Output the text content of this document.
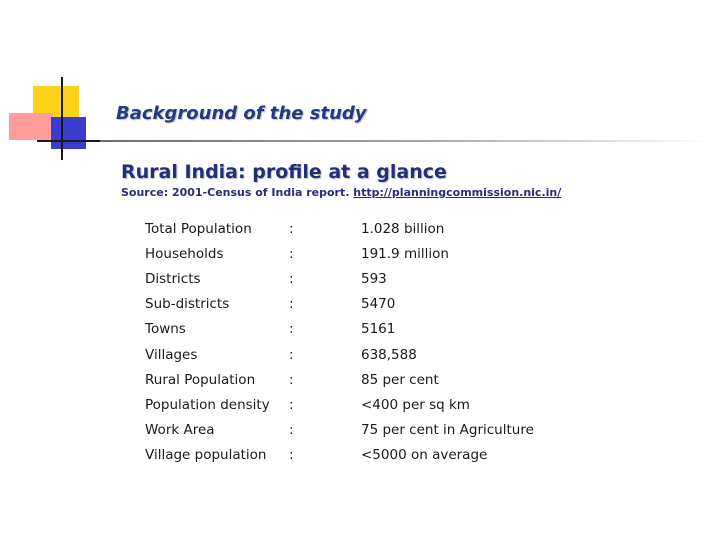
Background of the study
Rural India: profile at a glance
Source: 2001-Census of India report. http://planningcommission.nic.in/
Total Population	:	1.028 billion
Households	:	191.9 million
Districts	:	593
Sub-districts	:	5470
Towns	:	5161
Villages	:	638,588
Rural Population	:	85 per cent
Population density	:	<400 per sq km
Work Area	:	75 per cent in Agriculture
Village population	:	<5000 on average
